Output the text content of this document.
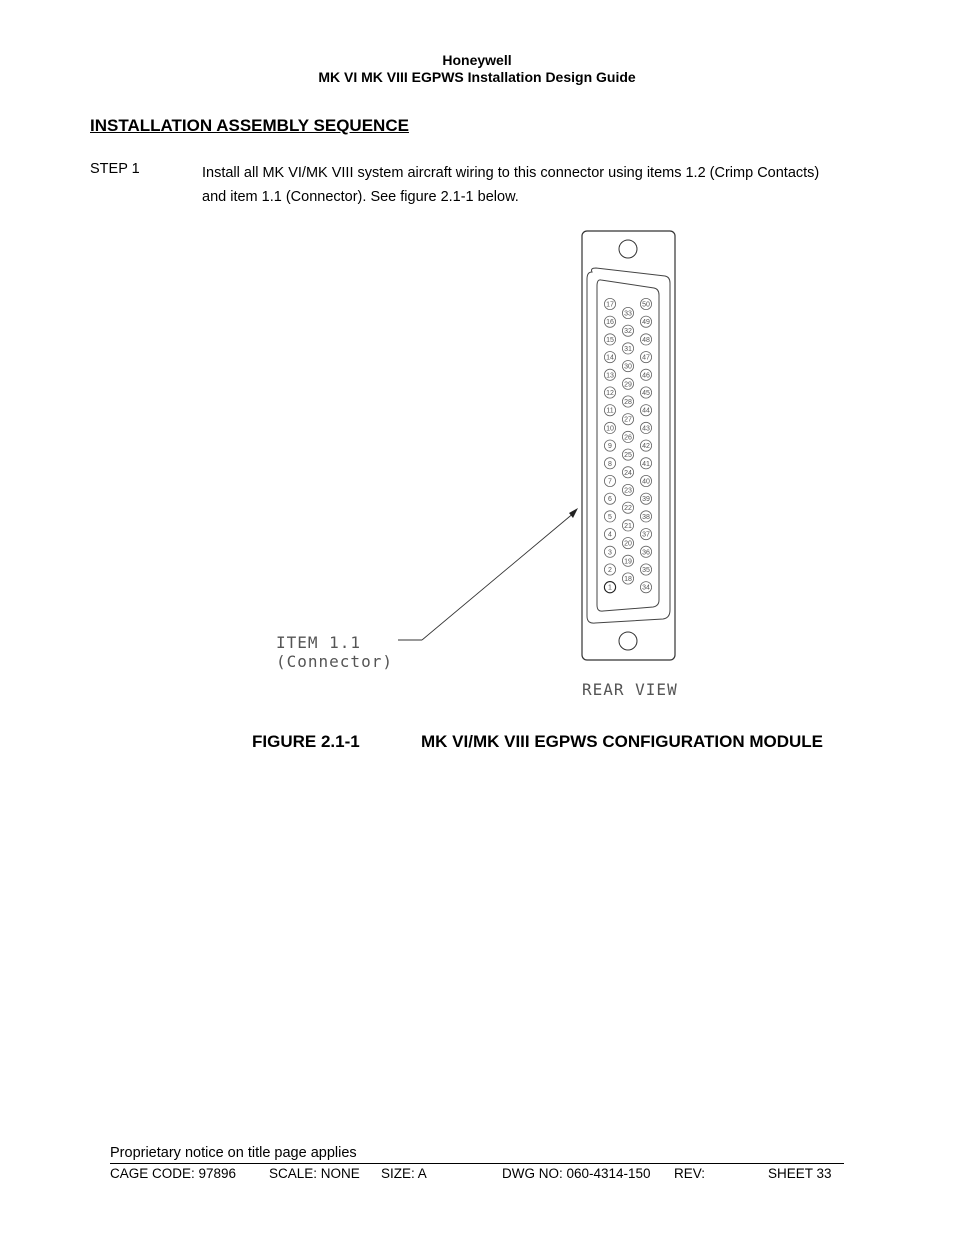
Honeywell
MK VI MK VIII EGPWS Installation Design Guide
INSTALLATION ASSEMBLY SEQUENCE
STEP 1	Install all MK VI/MK VIII system aircraft wiring to this connector using items 1.2 (Crimp Contacts) and item 1.1 (Connector). See figure 2.1-1 below.
17
16
15
14
13
12
11
10
9
8
7
6
5
4
3
2
1
33
32
31
30
29
28
27
26
25
24
23
22
21
20
19
18
50
49
48
47
46
45
44
43
42
41
40
39
38
37
36
35
34
ITEM 1.1
(Connector)
REAR VIEW
FIGURE 2.1-1	MK VI/MK VIII EGPWS CONFIGURATION MODULE
Proprietary notice on title page applies
CAGE CODE: 97896 SCALE: NONE SIZE: A	DWG NO: 060-4314-150 REV:	SHEET 33
